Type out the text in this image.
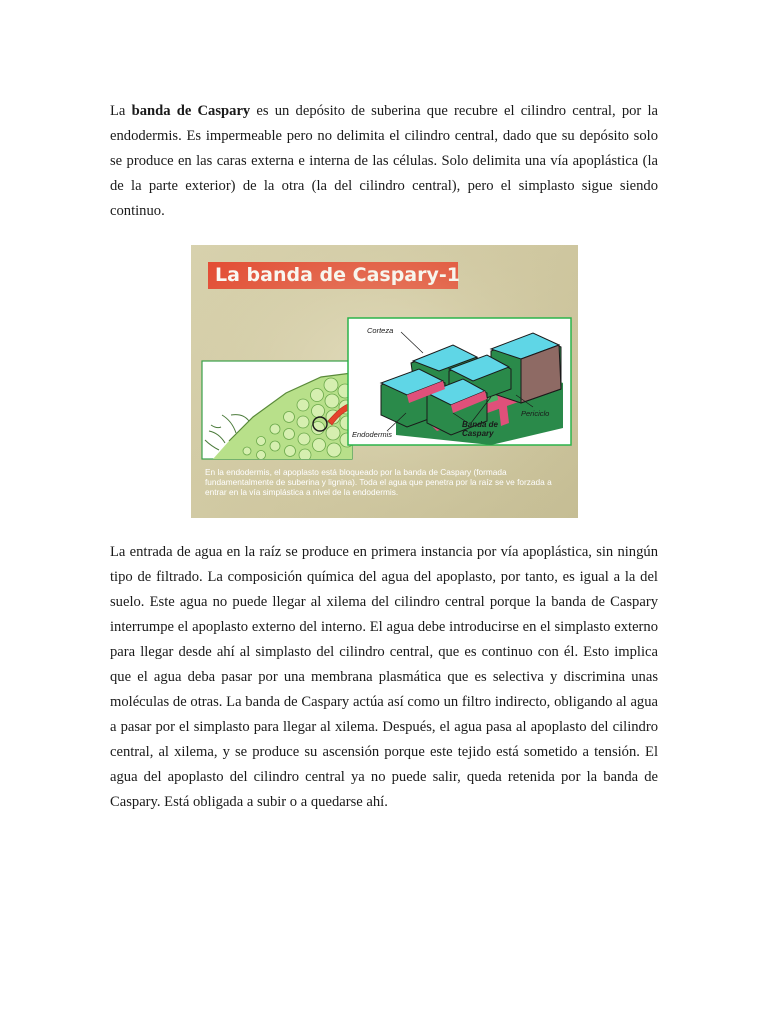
La banda de Caspary es un depósito de suberina que recubre el cilindro central, por la endodermis. Es impermeable pero no delimita el cilindro central, dado que su depósito solo se produce en las caras externa e interna de las células. Solo delimita una vía apoplástica (la de la parte exterior) de la otra (la del cilindro central), pero el simplasto sigue siendo continuo.

Corteza
Periciclo
Endodermis
Banda de
Caspary

En la endodermis, el apoplasto está bloqueado por la banda de Caspary (formada fundamentalmente de suberina y lignina). Toda el agua que penetra por la raíz se ve forzada a entrar en la vía simplástica a nivel de la endodermis.

La entrada de agua en la raíz se produce en primera instancia por vía apoplástica, sin ningún tipo de filtrado. La composición química del agua del apoplasto, por tanto, es igual a la del suelo. Este agua no puede llegar al xilema del cilindro central porque la banda de Caspary interrumpe el apoplasto externo del interno. El agua debe introducirse en el simplasto externo para llegar desde ahí al simplasto del cilindro central, que es continuo con él. Esto implica que el agua deba pasar por una membrana plasmática que es selectiva y discrimina unas moléculas de otras. La banda de Caspary actúa así como un filtro indirecto, obligando al agua a pasar por el simplasto para llegar al xilema. Después, el agua pasa al apoplasto del cilindro central, al xilema, y se produce su ascensión porque este tejido está sometido a tensión. El agua del apoplasto del cilindro central ya no puede salir, queda retenida por la banda de Caspary. Está obligada a subir o a quedarse ahí.
